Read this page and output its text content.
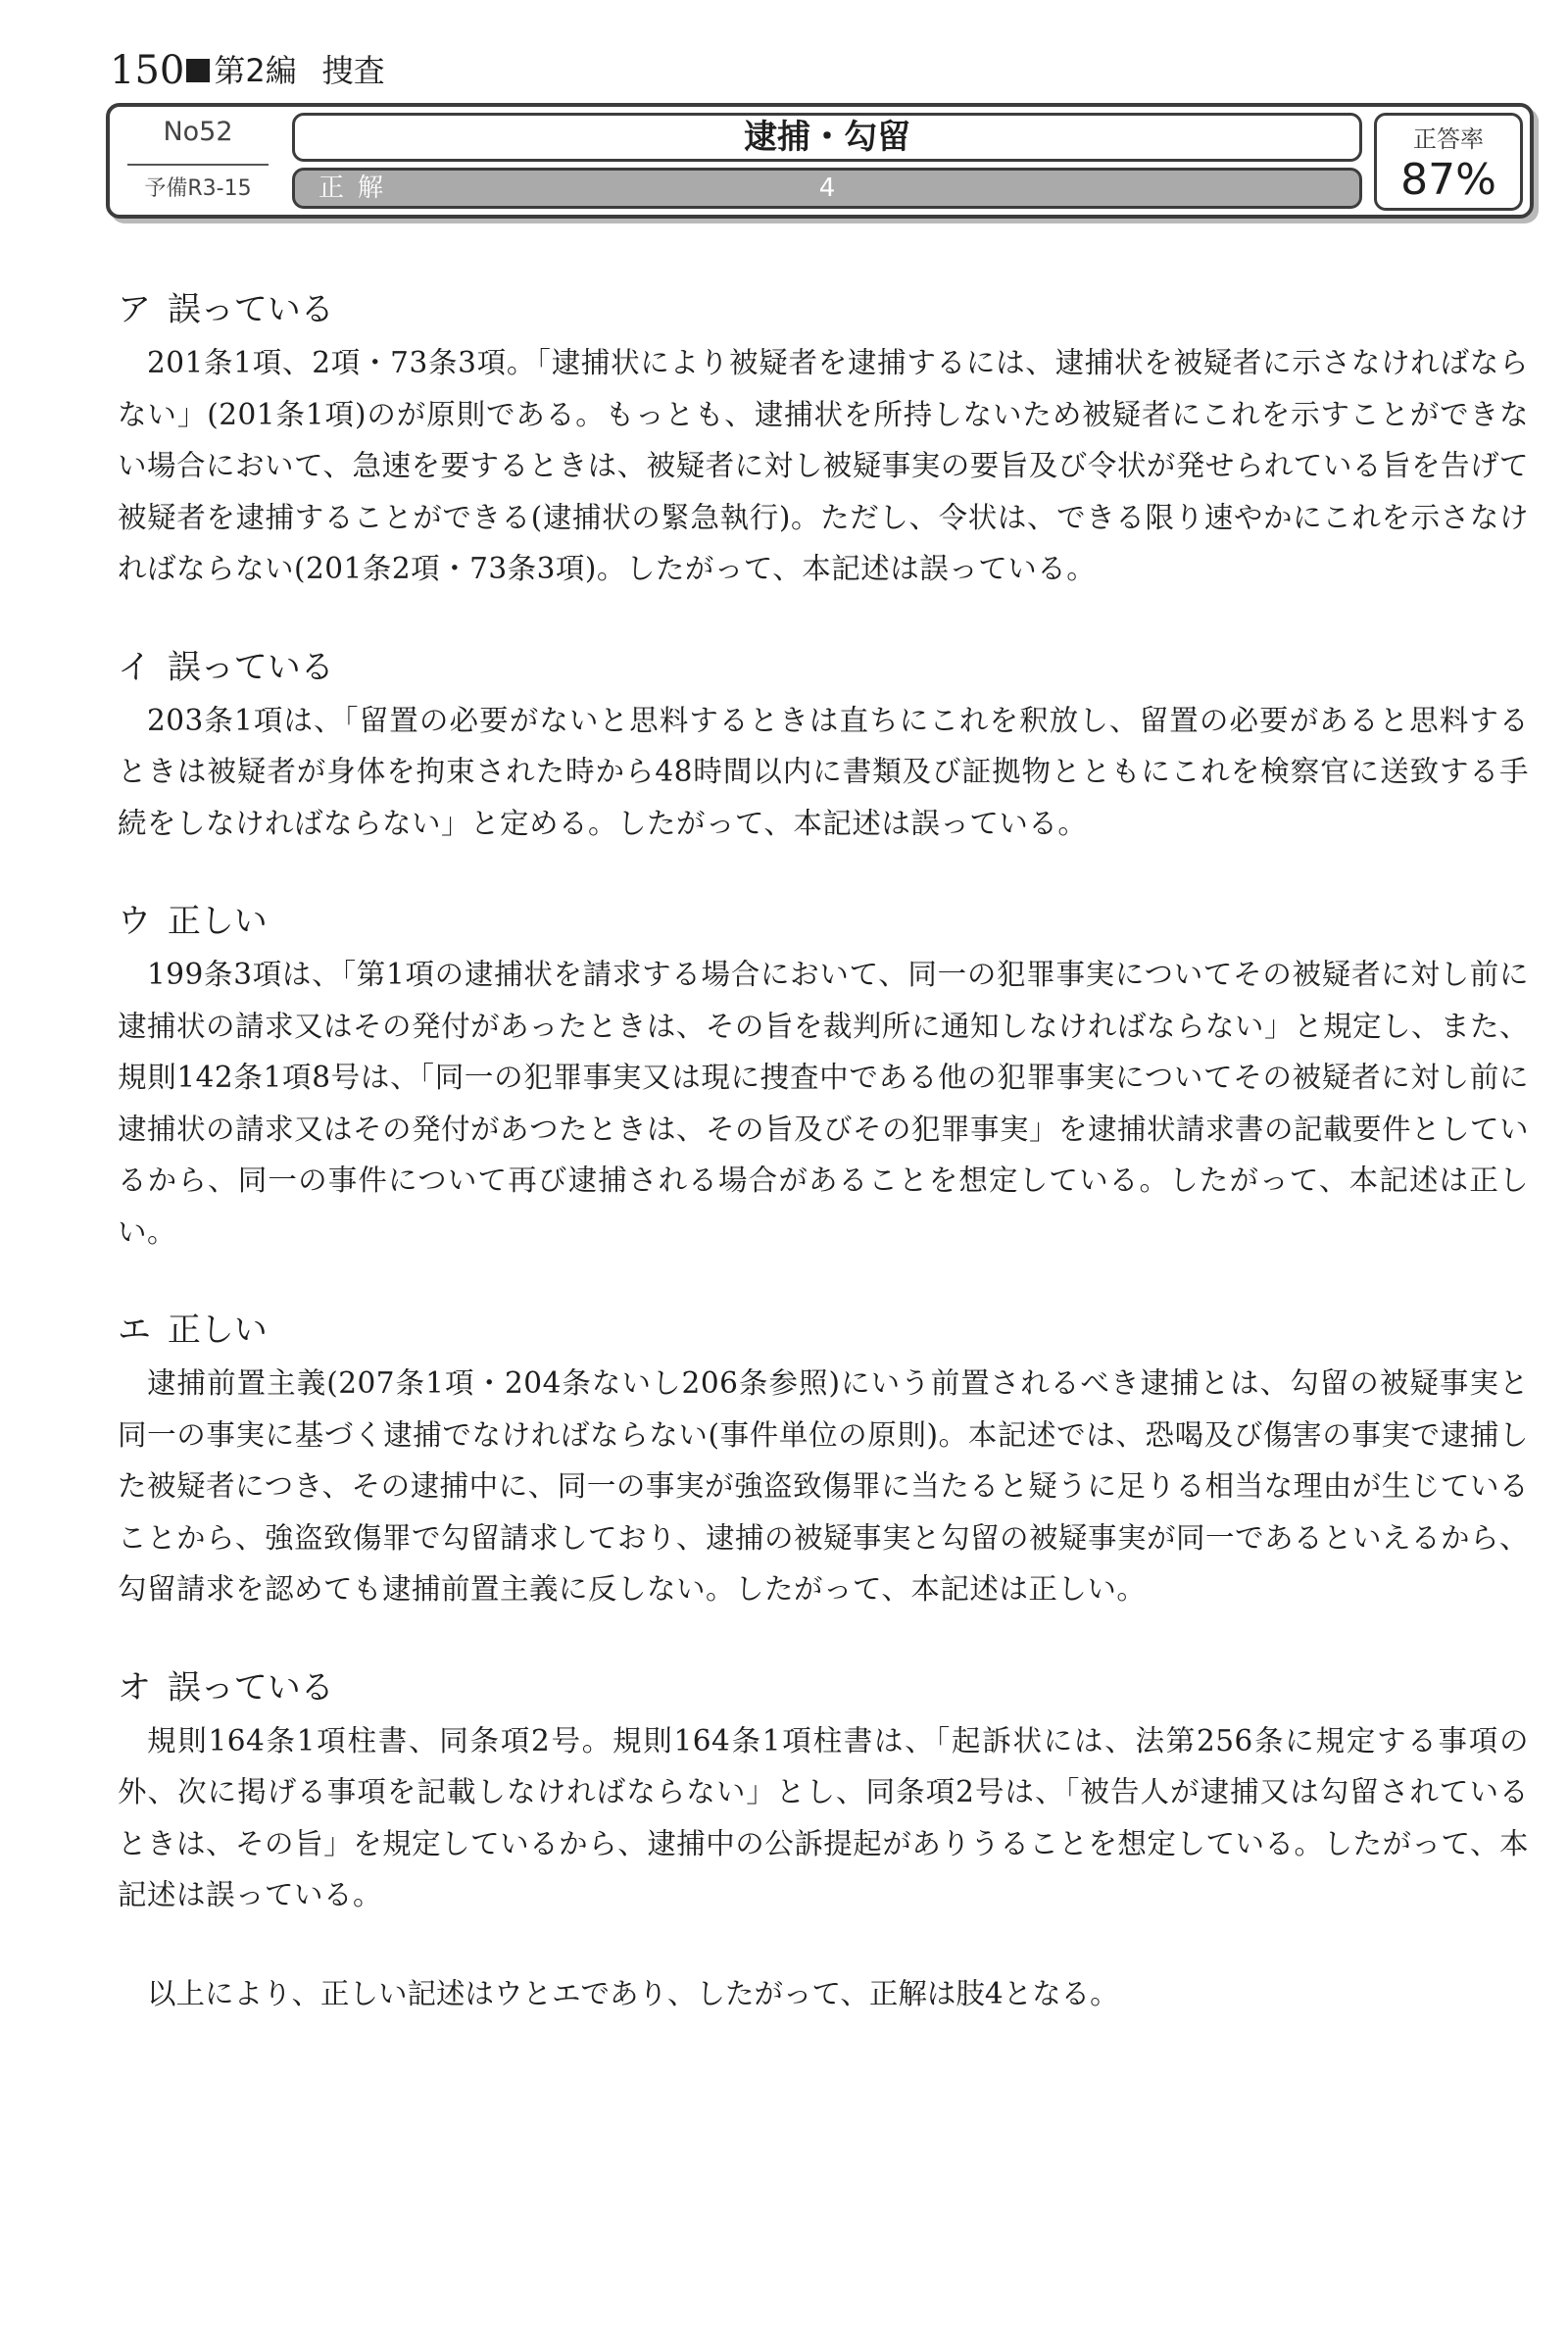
150 第2編 捜査
No52
予備R3-15
逮捕・勾留
正解	4
正答率
87%
ア 誤っている
201条1項、2項・73条3項。「逮捕状により被疑者を逮捕するには、逮捕状を被疑者に示さなければならない」(201条1項)のが原則である。もっとも、逮捕状を所持しないため被疑者にこれを示すことができない場合において、急速を要するときは、被疑者に対し被疑事実の要旨及び令状が発せられている旨を告げて被疑者を逮捕することができる(逮捕状の緊急執行)。ただし、令状は、できる限り速やかにこれを示さなければならない(201条2項・73条3項)。したがって、本記述は誤っている。
イ 誤っている
203条1項は、「留置の必要がないと思料するときは直ちにこれを釈放し、留置の必要があると思料するときは被疑者が身体を拘束された時から48時間以内に書類及び証拠物とともにこれを検察官に送致する手続をしなければならない」と定める。したがって、本記述は誤っている。
ウ 正しい
199条3項は、「第1項の逮捕状を請求する場合において、同一の犯罪事実についてその被疑者に対し前に逮捕状の請求又はその発付があったときは、その旨を裁判所に通知しなければならない」と規定し、また、規則142条1項8号は、「同一の犯罪事実又は現に捜査中である他の犯罪事実についてその被疑者に対し前に逮捕状の請求又はその発付があつたときは、その旨及びその犯罪事実」を逮捕状請求書の記載要件としているから、同一の事件について再び逮捕される場合があることを想定している。したがって、本記述は正しい。
エ 正しい
逮捕前置主義(207条1項・204条ないし206条参照)にいう前置されるべき逮捕とは、勾留の被疑事実と同一の事実に基づく逮捕でなければならない(事件単位の原則)。本記述では、恐喝及び傷害の事実で逮捕した被疑者につき、その逮捕中に、同一の事実が強盗致傷罪に当たると疑うに足りる相当な理由が生じていることから、強盗致傷罪で勾留請求しており、逮捕の被疑事実と勾留の被疑事実が同一であるといえるから、勾留請求を認めても逮捕前置主義に反しない。したがって、本記述は正しい。
オ 誤っている
規則164条1項柱書、同条項2号。規則164条1項柱書は、「起訴状には、法第256条に規定する事項の外、次に掲げる事項を記載しなければならない」とし、同条項2号は、「被告人が逮捕又は勾留されているときは、その旨」を規定しているから、逮捕中の公訴提起がありうることを想定している。したがって、本記述は誤っている。
以上により、正しい記述はウとエであり、したがって、正解は肢4となる。
